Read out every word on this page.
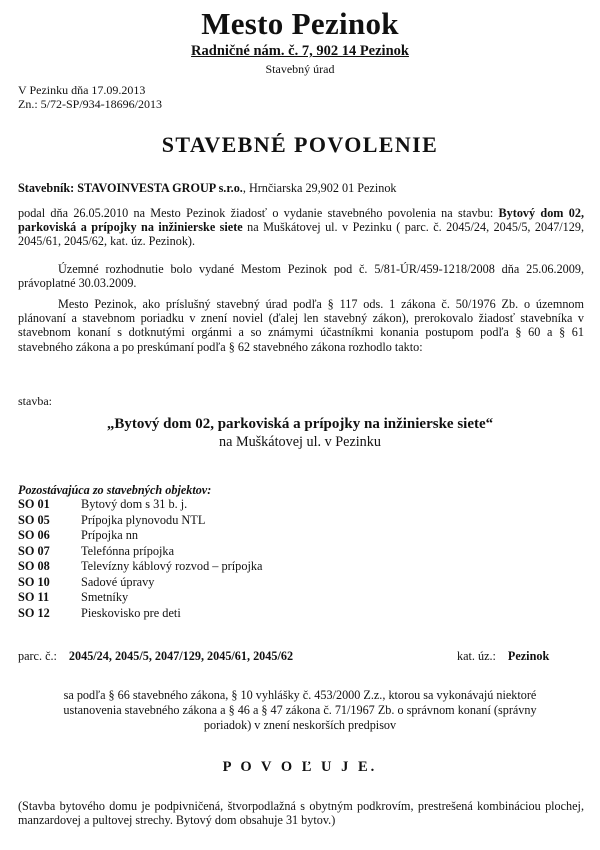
Mesto Pezinok
Radničné nám. č. 7, 902 14 Pezinok
Stavebný úrad
V Pezinku dňa 17.09.2013
Zn.: 5/72-SP/934-18696/2013
STAVEBNÉ POVOLENIE
Stavebník: STAVOINVESTA GROUP s.r.o., Hrnčiarska 29,902 01 Pezinok
podal dňa 26.05.2010 na Mesto Pezinok žiadosť o vydanie stavebného povolenia na stavbu: Bytový dom 02, parkoviská a prípojky na inžinierske siete na Muškátovej ul. v Pezinku ( parc. č. 2045/24, 2045/5, 2047/129, 2045/61, 2045/62, kat. úz. Pezinok).
Územné rozhodnutie bolo vydané Mestom Pezinok pod č. 5/81-ÚR/459-1218/2008 dňa 25.06.2009, právoplatné 30.03.2009.
Mesto Pezinok, ako príslušný stavebný úrad podľa § 117 ods. 1 zákona č. 50/1976 Zb. o územnom plánovaní a stavebnom poriadku v znení noviel (ďalej len stavebný zákon), prerokovalo žiadosť stavebníka v stavebnom konaní s dotknutými orgánmi a so známymi účastníkmi konania postupom podľa § 60 a § 61 stavebného zákona a po preskúmaní podľa § 62 stavebného zákona rozhodlo takto:
stavba:
„Bytový dom 02, parkoviská a prípojky na inžinierske siete“
na Muškátovej ul. v Pezinku
Pozostávajúca zo stavebných objektov:
SO 01	Bytový dom s 31 b. j.
SO 05	Prípojka plynovodu NTL
SO 06	Prípojka nn
SO 07	Telefónna prípojka
SO 08	Televízny káblový rozvod – prípojka
SO 10	Sadové úpravy
SO 11	Smetníky
SO 12	Pieskovisko pre deti
parc. č.: 2045/24, 2045/5, 2047/129, 2045/61, 2045/62	kat. úz.: Pezinok
sa podľa § 66 stavebného zákona, § 10 vyhlášky č. 453/2000 Z.z., ktorou sa vykonávajú niektoré ustanovenia stavebného zákona a § 46 a § 47 zákona č. 71/1967 Zb. o správnom konaní (správny poriadok) v znení neskorších predpisov
P O V O Ľ U J E.
(Stavba bytového domu je podpivničená, štvorpodlažná s obytným podkrovím, prestrešená kombináciou plochej, manzardovej a pultovej strechy. Bytový dom obsahuje 31 bytov.)
